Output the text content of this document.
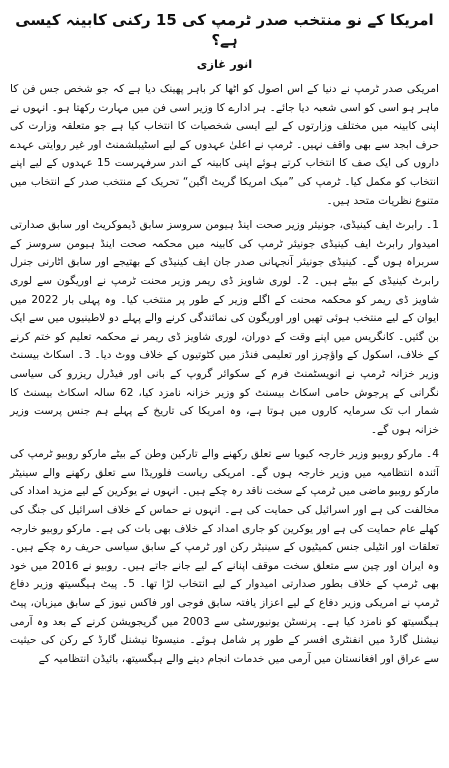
امریکا کے نو منتخب صدر ٹرمپ کی 15 رکنی کابینہ کیسی ہے؟
انور غازی

امریکی صدر ٹرمپ نے دنیا کے اس اصول کو اٹھا کر باہر پھینک دیا ہے کہ جو شخص جس فن کا ماہر ہو اسی کو اسی شعبہ دیا جائے۔ ہر ادارے کا وزیر اسی فن میں مہارت رکھتا ہو۔ انہوں نے اپنی کابینہ میں مختلف وزارتوں کے لیے ایسی شخصیات کا انتخاب کیا ہے جو متعلقہ وزارت کی حرف ابجد سے بھی واقف نہیں۔ ٹرمپ نے اعلیٰ عہدوں کے لیے اسٹیبلشمنٹ اور غیر روایتی عہدے داروں کی ایک صف کا انتخاب کرتے ہوئے اپنی کابینہ کے اندر سرفہرست 15 عہدوں کے لیے اپنے انتخاب کو مکمل کیا۔ ٹرمپ کی ”میک امریکا گریٹ اگین“ تحریک کے منتخب صدر کے انتخاب میں متنوع نظریات متحد ہیں۔

1۔ رابرٹ ایف کینیڈی، جونیئر وزیر صحت اینڈ ہیومن سروسز سابق ڈیموکریٹ اور سابق صدارتی امیدوار رابرٹ ایف کینیڈی جونیئر ٹرمپ کی کابینہ میں محکمہ صحت اینڈ ہیومن سروسز کے سربراہ ہوں گے۔ کینیڈی جونیئر آنجہانی صدر جان ایف کینیڈی کے بھتیجے اور سابق اٹارنی جنرل رابرٹ کینیڈی کے بیٹے ہیں۔ 2۔ لوری شاویز ڈی ریمر وزیر محنت ٹرمپ نے اوریگون سے لوری شاویز ڈی ریمر کو محکمہ محنت کے اگلے وزیر کے طور پر منتخب کیا۔ وہ پہلی بار 2022 میں ایوان کے لیے منتخب ہوئی تھیں اور اوریگون کی نمائندگی کرنے والے پہلے دو لاطینیوں میں سے ایک بن گئیں۔ کانگریس میں اپنے وقت کے دوران، لوری شاویز ڈی ریمر نے محکمہ تعلیم کو ختم کرنے کے خلاف، اسکول کے واؤچرز اور تعلیمی فنڈز میں کٹوتیوں کے خلاف ووٹ دیا۔ 3۔ اسکاٹ بیسنٹ وزیر خزانہ ٹرمپ نے انویسٹمنٹ فرم کے سکوائر گروپ کے بانی اور فیڈرل ریزرو کی سیاسی نگرانی کے پرجوش حامی اسکاٹ بیسنٹ کو وزیر خزانہ نامزد کیا، 62 سالہ اسکاٹ بیسنٹ کا شمار اب تک سرمایہ کاروں میں ہوتا ہے، وہ امریکا کی تاریخ کے پہلے ہم جنس پرست وزیر خزانہ ہوں گے۔

4۔ مارکو روبیو وزیر خارجہ کیوبا سے تعلق رکھنے والے تارکین وطن کے بیٹے مارکو روبیو ٹرمپ کی آئندہ انتظامیہ میں وزیر خارجہ ہوں گے۔ امریکی ریاست فلوریڈا سے تعلق رکھنے والے سینیٹر مارکو روبیو ماضی میں ٹرمپ کے سخت ناقد رہ چکے ہیں۔ انہوں نے یوکرین کے لیے مزید امداد کی مخالفت کی ہے اور اسرائیل کی حمایت کی ہے۔ انہوں نے حماس کے خلاف اسرائیل کی جنگ کی کھلے عام حمایت کی ہے اور یوکرین کو جاری امداد کے خلاف بھی بات کی ہے۔ مارکو روبیو خارجہ تعلقات اور انٹیلی جنس کمیٹیوں کے سینیٹر رکن اور ٹرمپ کے سابق سیاسی حریف رہ چکے ہیں۔ وہ ایران اور چین سے متعلق سخت موقف اپنانے کے لیے جانے جاتے ہیں۔ روبیو نے 2016 میں خود بھی ٹرمپ کے خلاف بطور صدارتی امیدوار کے لیے انتخاب لڑا تھا۔ 5۔ پیٹ ہیگسیتھ وزیر دفاع ٹرمپ نے امریکی وزیر دفاع کے لیے اعزاز یافتہ سابق فوجی اور فاکس نیوز کے سابق میزبان، پیٹ ہیگسیتھ کو نامزد کیا ہے۔ پرنسٹن یونیورسٹی سے 2003 میں گریجویشن کرنے کے بعد وہ آرمی نیشنل گارڈ میں انفنٹری افسر کے طور پر شامل ہوئے۔ منیسوٹا نیشنل گارڈ کے رکن کی حیثیت سے عراق اور افغانستان میں آرمی میں خدمات انجام دینے والے ہیگسیتھ، بائیڈن انتظامیہ کے
